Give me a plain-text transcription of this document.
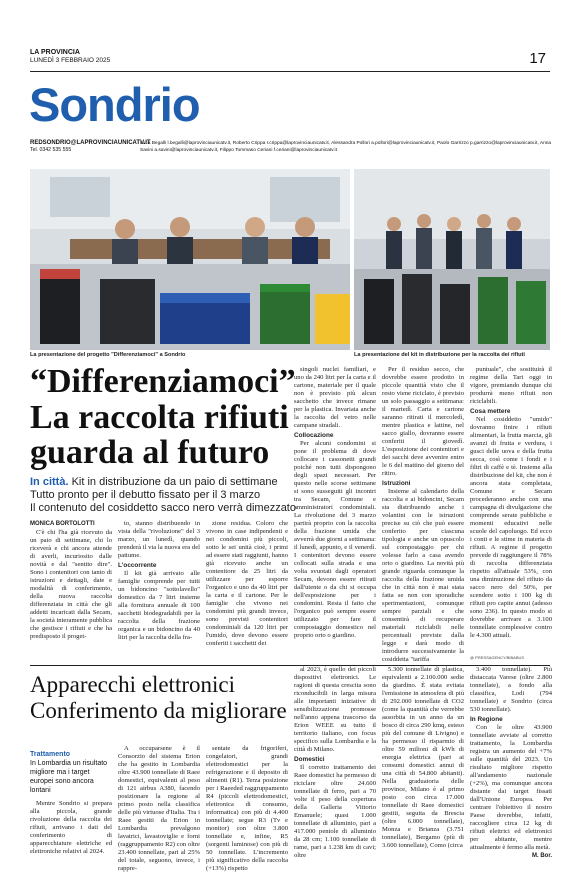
LA PROVINCIA
LUNEDÌ 3 FEBBRAIO 2025	17
Sondrio
REDSONDRIO@LAPROVINCIAUNICATV.IT
Tel. 0342 535 555
Luca Begalli l.begalli@laprovinciaunicatv.it, Roberto Crippa r.crippa@laprovinciaunicatv.it, Alessandra Pollori a.pollori@laprovinciaunicatv.it, Paolo Garrizzo p.garrizzo@laprovinciaunicatv.it, Anna Savini a.savini@laprovinciaunicatv.it, Filippo Tommaso Ceriani f.ceriani@laprovinciaunicatv.it
La presentazione del progetto "Differenziamoci" a Sondrio	La presentazione del kit in distribuzione per la raccolta dei rifiuti
“Differenziamoci”
La raccolta rifiuti
guarda al futuro
In città. Kit in distribuzione da un paio di settimane
Tutto pronto per il debutto fissato per il 3 marzo
Il contenuto del cosiddetto sacco nero verrà dimezzato
MONICA BORTOLOTTI

C'è chi l'ha già ricevuto da un paio di settimane, chi lo riceverà e chi ancora attende di averli, incuriosito dalle novità e dal "sentito dire". Sono i contenitori con tanto di istruzioni e dettagli, date e modalità di conferimento, della nuova raccolta differenziata in città che gli addetti incaricati dalla Secam, la società interamente pubblica che gestisce i rifiuti e che ha predisposto il proget-

to, stanno distribuendo in vista della "rivoluzione" del 3 marzo, un lunedì, quando prenderà il via la nuova era del pattume.

L'occorrente

Il kit già arrivato alle famiglie comprende per tutti un bidoncino "sottolavello" domestico da 7 litri insieme alla fornitura annuale di 100 sacchetti biodegradabili per la raccolta della frazione organica e un bidoncino da 40 litri per la raccolta della fra-

zione residua. Coloro che vivono in case indipendenti e nei condomini più piccoli, sotto le sei unità cioè, i primi ad essere stati raggiunti, hanno già ricevuto anche un contenitore da 25 litri da utilizzare per esporre l'organico e uno da 40 litri per la carta e il cartone. Per le famiglie che vivono nei condomini più grandi invece, sono previsti contenitori condominiali da 120 litri per l'umido, dove devono essere conferiti i sacchetti dei

singoli nuclei familiari, e uno da 240 litri per la carta e il cartone, materiale per il quale non è previsto più alcun sacchetto che invece rimane per la plastica. Invariata anche la raccolta del vetro nelle campane stradali.

Collocazione

Per alcuni condomini si pone il problema di dove collocare i cassonetti grandi poiché non tutti dispongono degli spazi necessari. Per questo nelle scorse settimane si sono susseguiti gli incontri tra Secam, Comune e amministratori condominiali. La rivoluzione del 3 marzo partirà proprio con la raccolta della frazione umida che avverrà due giorni a settimana: il lunedì, appunto, e il venerdì. I contenitori devono essere collocati sulla strada e una volta svuotati dagli operatori Secam, devono essere ritirati dall'utente o da chi si occupa dell'esposizione per i condomini. Resta il fatto che l'organico può sempre essere utilizzato per fare il compostaggio domestico nel proprio orto o giardino.

Per il residuo secco, che dovrebbe essere prodotto in piccole quantità visto che il resto viene riciclato, è previsto un solo passaggio a settimana: il martedì. Carta e cartone saranno ritirati il mercoledì, mentre plastica e lattine, nel sacco giallo, dovranno essere conferiti il giovedì. L'esposizione dei contenitori e dei sacchi deve avvenire entro le 6 del mattino del giorno del ritiro.

Istruzioni

Insieme al calendario della raccolta e ai bidoncini, Secam sta distribuendo anche i volantini con le istruzioni precise su ciò che può essere conferito per ciascuna tipologia e anche un opuscolo sul compostaggio per chi volesse farlo a casa avendo orto o giardino. La novità più grande riguarda comunque la raccolta della frazione umida che in città non è mai stata fatta se non con sporadiche sperimentazioni, comunque sempre parziali e che consentirà di recuperare materiali riciclabili nelle percentuali previste dalla legge e darà modo di introdurre successivamente la cosiddetta "tariffa

puntuale", che sostituirà il regime della Tari oggi in vigore, premiando dunque chi produrrà meno rifiuti non riciclabili.

Cosa mettere

Nel cosiddetto "umido" dovranno finire i rifiuti alimentari, la frutta marcia, gli avanzi di frutta e verdura, i gusci delle uova e della frutta secca, così come i fondi e i filtri di caffè e tè. Insieme alla distribuzione del kit, che non è ancora stata completata, Comune e Secam procederanno anche con una campagna di divulgazione che comprende serate pubbliche e momenti educativi nelle scuole del capoluogo. Ed ecco i conti e le stime in materia di rifiuti. A regime il progetto prevede di raggiungere il 78% di raccolta differenziata rispetto all'attuale 53%, con una diminuzione del rifiuto da sacco nero del 50%, per scendere sotto i 100 kg di rifiuti pro capite annui (adesso sono 236). In questo modo si dovrebbe arrivare a 3.100 tonnellate complessive contro le 4.300 attuali.

@ PRESSAGENCY/BIBABUS
Apparecchi elettronici
Conferimento da migliorare
Trattamento
In Lombardia un risultato migliore ma i target europei sono ancora lontani

Mentre Sondrio si prepara alla piccola, grande rivoluzione della raccolta dei rifiuti, arrivano i dati del conferimento di apparecchiature elettriche ed elettroniche relativi al 2024.

A occuparsene è il Consorzio del sistema Erion che ha gestito in Lombardia oltre 43.900 tonnellate di Raee domestici, equivalenti al peso di 121 airbus A380, facendo posizionare la regione al primo posto nella classifica delle più virtuose d'Italia. Tra i Raee gestiti da Erion in Lombardia prevalgono lavatrici, lavastoviglie e forni (raggruppamento R2) con oltre 23.400 tonnellate, pari al 25% del totale, seguono, invece, i rappre-

sentate da frigoriferi, congelatori, grandi elettrodomestici per la refrigerazione e il deposito di alimenti (R1). Terza posizione per i Raeeded raggruppamento R4 (piccoli elettrodomestici, elettronica di consumo, informatica) con più di 4.400 tonnellate; segue R3 (Tv e monitor) con oltre 3.800 tonnellate e, infine, R5 (sorgenti luminose) con più di 50 tonnellate. L'incremento più significativo della raccolta (+13%) rispetto

al 2023, è quello dei piccoli dispositivi elettronici. Le ragioni di questa crescita sono riconducibili in larga misura alle importanti iniziative di sensibilizzazione promosse nell'anno appena trascorso da Erion WEEE su tutto il territorio italiano, con focus specifico sulla Lombardia e la città di Milano.

Domestici

Il corretto trattamento dei Raee domestici ha permesso di riciclare oltre 24.600 tonnellate di ferro, pari a 70 volte il peso della copertura della Galleria Vittorio Emanuele; quasi 1.000 tonnellate di alluminio, pari a 417.000 pentole di alluminio da 28 cm; 1.100 tonnellate di rame, pari a 1.238 km di cavi; oltre

5.300 tonnellate di plastica, equivalenti a 2.100.000 sedie da giardino. È stata evitata l'emissione in atmosfera di più di 292.000 tonnellate di CO2 (come la quantità che verrebbe assorbita in un anno da un bosco di circa 290 kmq, esteso più del comune di Livigno) e ha permesso il risparmio di oltre 59 milioni di kWh di energia elettrica (pari ai consumi domestici annui di una città di 54.800 abitanti). Nella graduatoria delle province, Milano è al primo posto con circa 17.000 tonnellate di Raee domestici gestiti, seguita da Brescia (oltre 6.000 tonnellate), Monza e Brianza (3.751 tonnellate), Bergamo (più di 3.600 tonnellate), Como (circa

3.400 tonnellate). Più distaccata Varese (oltre 2.800 tonnellate), a fondo alla classifica, Lodi (794 tonnellate) e Sondrio (circa 530 tonnellate).

In Regione

Con le oltre 43.900 tonnellate avviate al corretto trattamento, la Lombardia registra un aumento del +7% sulle quantità del 2023. Un risultato migliore rispetto all'andamento nazionale (+2%), ma comunque ancora distante dai target fissati dall'Unione Europea. Per centrare l'obiettivo il nostro Paese dovrebbe, infatti, raccogliere circa 12 kg di rifiuti elettrici ed elettronici per abitante, mentre attualmente è fermo alla metà.

M. Bor.
